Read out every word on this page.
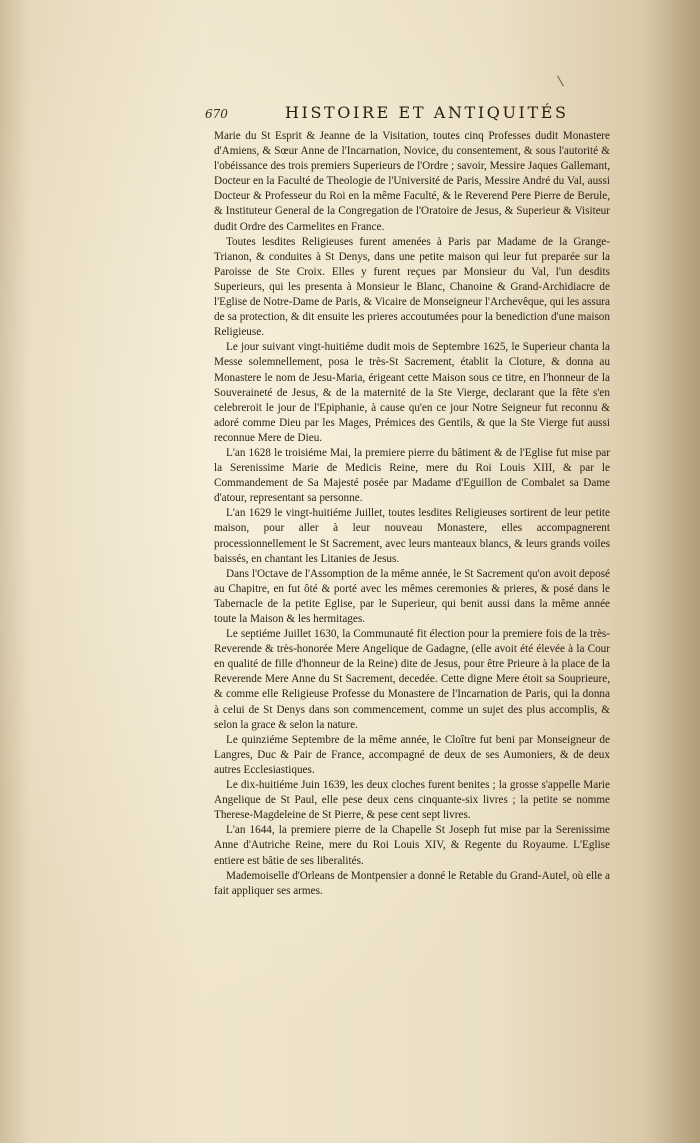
670	HISTOIRE ET ANTIQUITÉS

Marie du St Esprit & Jeanne de la Visitation, toutes cinq Professes dudit Monastere d'Amiens, & Sœur Anne de l'Incarnation, Novice, du consentement, & sous l'autorité & l'obéissance des trois premiers Superieurs de l'Ordre ; savoir, Messire Jaques Gallemant, Docteur en la Faculté de Theologie de l'Université de Paris, Messire André du Val, aussi Docteur & Professeur du Roi en la même Faculté, & le Reverend Pere Pierre de Berule, & Instituteur General de la Congregation de l'Oratoire de Jesus, & Superieur & Visiteur dudit Ordre des Carmelites en France.

Toutes lesdites Religieuses furent amenées à Paris par Madame de la Grange-Trianon, & conduites à St Denys, dans une petite maison qui leur fut preparée sur la Paroisse de Ste Croix. Elles y furent reçues par Monsieur du Val, l'un desdits Superieurs, qui les presenta à Monsieur le Blanc, Chanoine & Grand-Archidiacre de l'Eglise de Notre-Dame de Paris, & Vicaire de Monseigneur l'Archevêque, qui les assura de sa protection, & dit ensuite les prieres accoutumées pour la benediction d'une maison Religieuse.

Le jour suivant vingt-huitiéme dudit mois de Septembre 1625, le Superieur chanta la Messe solemnellement, posa le très-St Sacrement, établit la Cloture, & donna au Monastere le nom de Jesu-Maria, érigeant cette Maison sous ce titre, en l'honneur de la Souveraineté de Jesus, & de la maternité de la Ste Vierge, declarant que la fête s'en celebreroit le jour de l'Epiphanie, à cause qu'en ce jour Notre Seigneur fut reconnu & adoré comme Dieu par les Mages, Prémices des Gentils, & que la Ste Vierge fut aussi reconnue Mere de Dieu.

L'an 1628 le troisiéme Mai, la premiere pierre du bâtiment & de l'Eglise fut mise par la Serenissime Marie de Medicis Reine, mere du Roi Louis XIII, & par le Commandement de Sa Majesté posée par Madame d'Eguillon de Combalet sa Dame d'atour, representant sa personne.

L'an 1629 le vingt-huitiéme Juillet, toutes lesdites Religieuses sortirent de leur petite maison, pour aller à leur nouveau Monastere, elles accompagnerent processionnellement le St Sacrement, avec leurs manteaux blancs, & leurs grands voiles baissés, en chantant les Litanies de Jesus.

Dans l'Octave de l'Assomption de la même année, le St Sacrement qu'on avoit deposé au Chapitre, en fut ôté & porté avec les mêmes ceremonies & prieres, & posé dans le Tabernacle de la petite Eglise, par le Superieur, qui benit aussi dans la même année toute la Maison & les hermitages.

Le septiéme Juillet 1630, la Communauté fit élection pour la premiere fois de la très-Reverende & très-honorée Mere Angelique de Gadagne, (elle avoit été élevée à la Cour en qualité de fille d'honneur de la Reine) dite de Jesus, pour être Prieure à la place de la Reverende Mere Anne du St Sacrement, decedée. Cette digne Mere étoit sa Souprieure, & comme elle Religieuse Professe du Monastere de l'Incarnation de Paris, qui la donna à celui de St Denys dans son commencement, comme un sujet des plus accomplis, & selon la grace & selon la nature.

Le quinziéme Septembre de la même année, le Cloître fut beni par Monseigneur de Langres, Duc & Pair de France, accompagné de deux de ses Aumoniers, & de deux autres Ecclesiastiques.

Le dix-huitiéme Juin 1639, les deux cloches furent benites ; la grosse s'appelle Marie Angelique de St Paul, elle pese deux cens cinquante-six livres ; la petite se nomme Therese-Magdeleine de St Pierre, & pese cent sept livres.

L'an 1644, la premiere pierre de la Chapelle St Joseph fut mise par la Serenissime Anne d'Autriche Reine, mere du Roi Louis XIV, & Regente du Royaume. L'Eglise entiere est bâtie de ses liberalités.

Mademoiselle d'Orleans de Montpensier a donné le Retable du Grand-Autel, où elle a fait appliquer ses armes.
